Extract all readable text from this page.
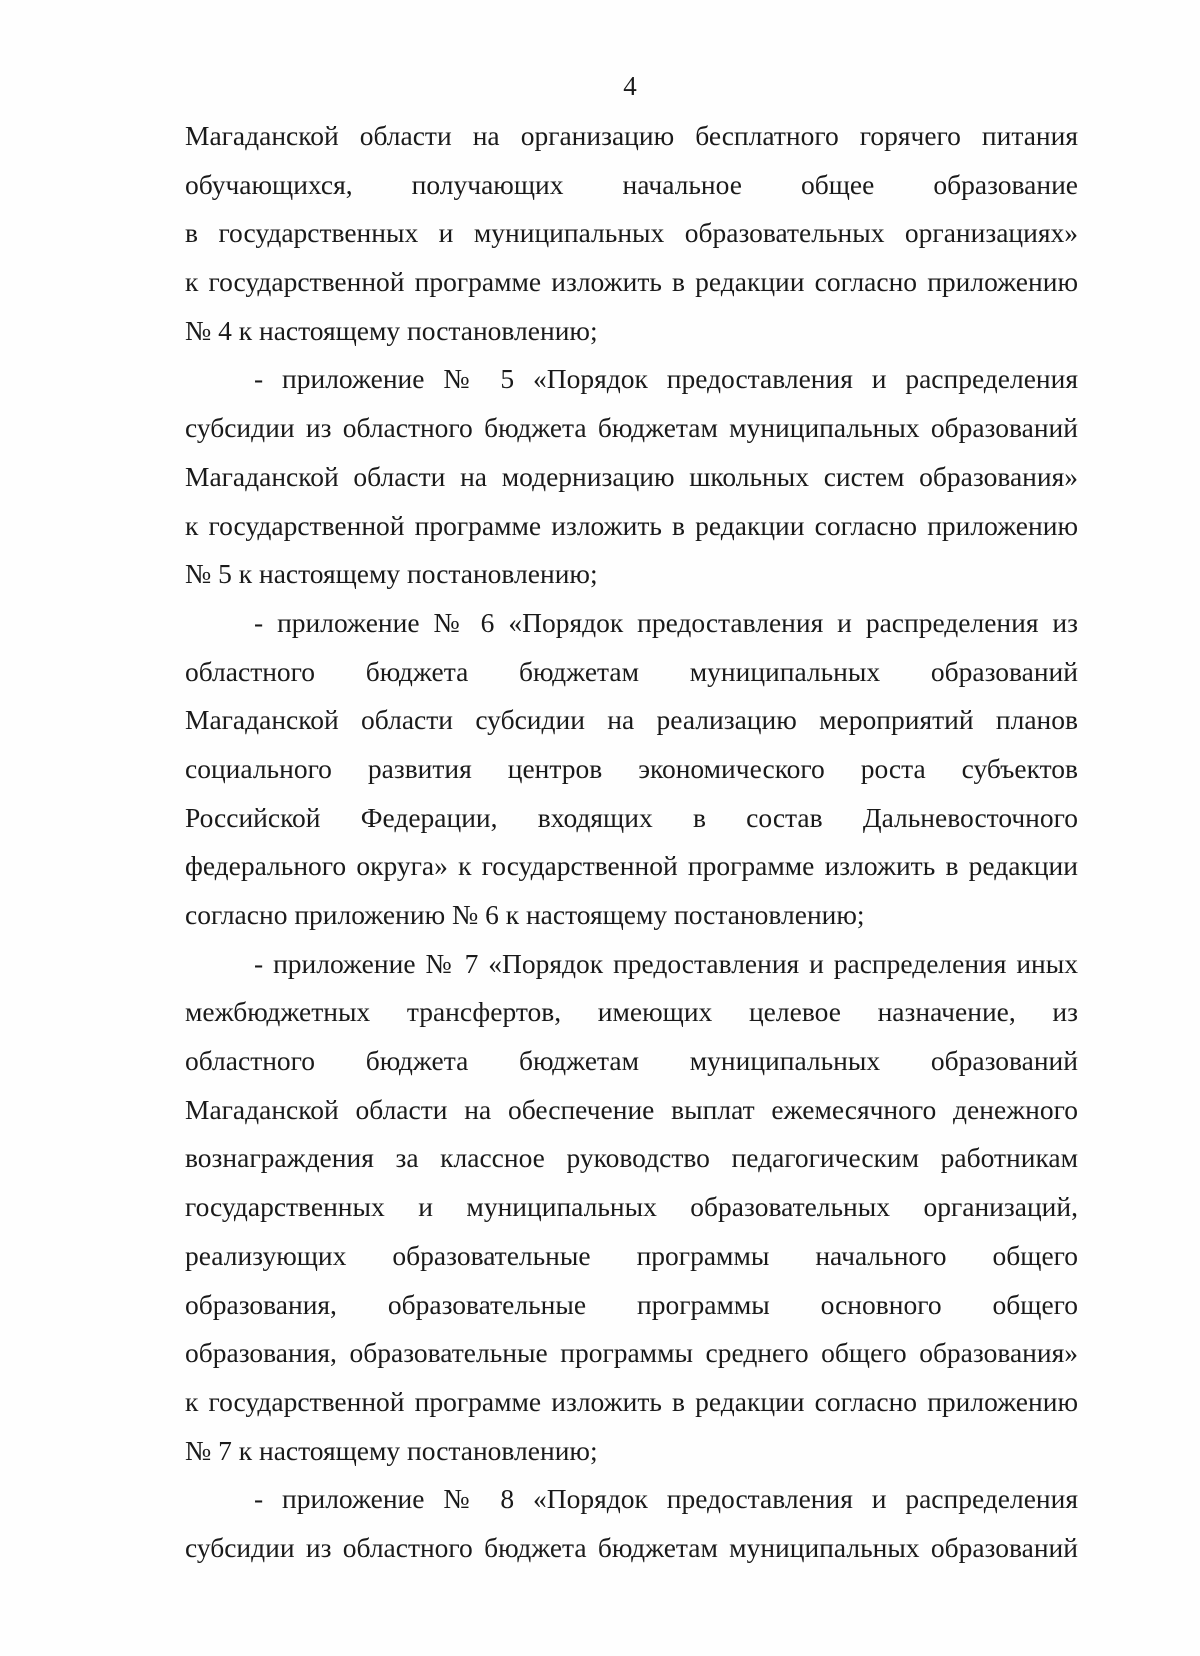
4
Магаданской области на организацию бесплатного горячего питания
обучающихся, получающих начальное общее образование
в государственных и муниципальных образовательных организациях»
к государственной программе изложить в редакции согласно приложению
№ 4 к настоящему постановлению;
- приложение № 5 «Порядок предоставления и распределения
субсидии из областного бюджета бюджетам муниципальных образований
Магаданской области на модернизацию школьных систем образования»
к государственной программе изложить в редакции согласно приложению
№ 5 к настоящему постановлению;
- приложение № 6 «Порядок предоставления и распределения из
областного бюджета бюджетам муниципальных образований
Магаданской области субсидии на реализацию мероприятий планов
социального развития центров экономического роста субъектов
Российской Федерации, входящих в состав Дальневосточного
федерального округа» к государственной программе изложить в редакции
согласно приложению № 6 к настоящему постановлению;
- приложение № 7 «Порядок предоставления и распределения иных
межбюджетных трансфертов, имеющих целевое назначение, из
областного бюджета бюджетам муниципальных образований
Магаданской области на обеспечение выплат ежемесячного денежного
вознаграждения за классное руководство педагогическим работникам
государственных и муниципальных образовательных организаций,
реализующих образовательные программы начального общего
образования, образовательные программы основного общего
образования, образовательные программы среднего общего образования»
к государственной программе изложить в редакции согласно приложению
№ 7 к настоящему постановлению;
- приложение № 8 «Порядок предоставления и распределения
субсидии из областного бюджета бюджетам муниципальных образований
